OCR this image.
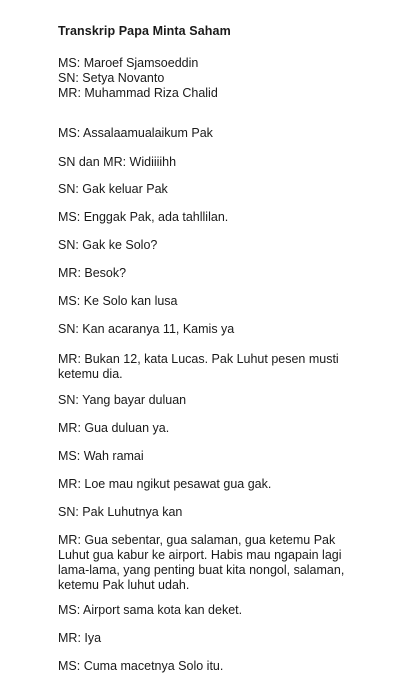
Transkrip Papa Minta Saham
MS: Maroef Sjamsoeddin
SN: Setya Novanto
MR: Muhammad Riza Chalid
MS: Assalaamualaikum Pak
SN dan MR: Widiiiihh
SN: Gak keluar Pak
MS: Enggak Pak, ada tahllilan.
SN: Gak ke Solo?
MR: Besok?
MS: Ke Solo kan lusa
SN: Kan acaranya 11, Kamis ya
MR: Bukan 12, kata Lucas. Pak Luhut pesen musti
ketemu dia.
SN: Yang bayar duluan
MR: Gua duluan ya.
MS: Wah ramai
MR: Loe mau ngikut pesawat gua gak.
SN: Pak Luhutnya kan
MR: Gua sebentar, gua salaman, gua ketemu Pak
Luhut gua kabur ke airport. Habis mau ngapain lagi
lama-lama, yang penting buat kita nongol, salaman,
ketemu Pak luhut udah.
MS: Airport sama kota kan deket.
MR: Iya
MS: Cuma macetnya Solo itu.
